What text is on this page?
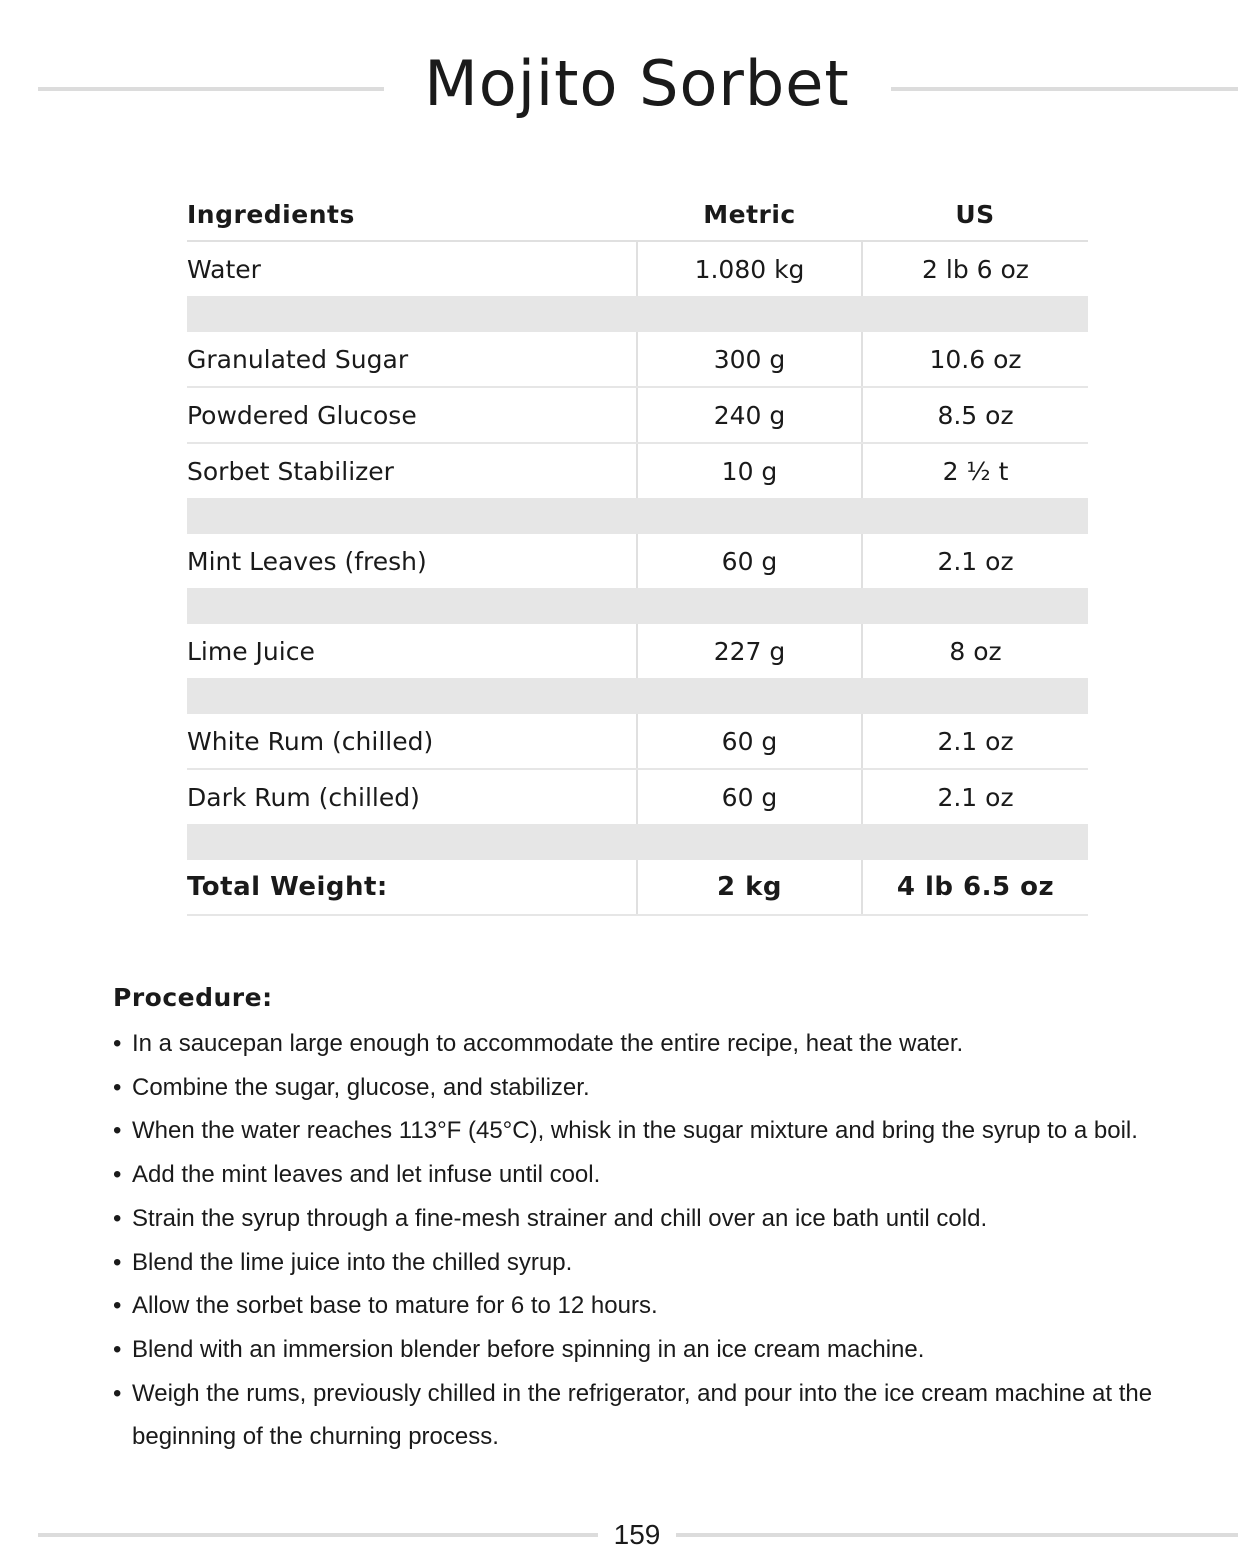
Mojito Sorbet
Ingredients	Metric	US
Water	1.080 kg	2 lb 6 oz

Granulated Sugar	300 g	10.6 oz
Powdered Glucose	240 g	8.5 oz
Sorbet Stabilizer	10 g	2 ½ t

Mint Leaves (fresh)	60 g	2.1 oz

Lime Juice	227 g	8 oz

White Rum (chilled)	60 g	2.1 oz
Dark Rum (chilled)	60 g	2.1 oz

Total Weight:	2 kg	4 lb 6.5 oz
Procedure:
• In a saucepan large enough to accommodate the entire recipe, heat the water.
• Combine the sugar, glucose, and stabilizer.
• When the water reaches 113°F (45°C), whisk in the sugar mixture and bring the syrup to a boil.
• Add the mint leaves and let infuse until cool.
• Strain the syrup through a fine-mesh strainer and chill over an ice bath until cold.
• Blend the lime juice into the chilled syrup.
• Allow the sorbet base to mature for 6 to 12 hours.
• Blend with an immersion blender before spinning in an ice cream machine.
• Weigh the rums, previously chilled in the refrigerator, and pour into the ice cream machine at the beginning of the churning process.
159
